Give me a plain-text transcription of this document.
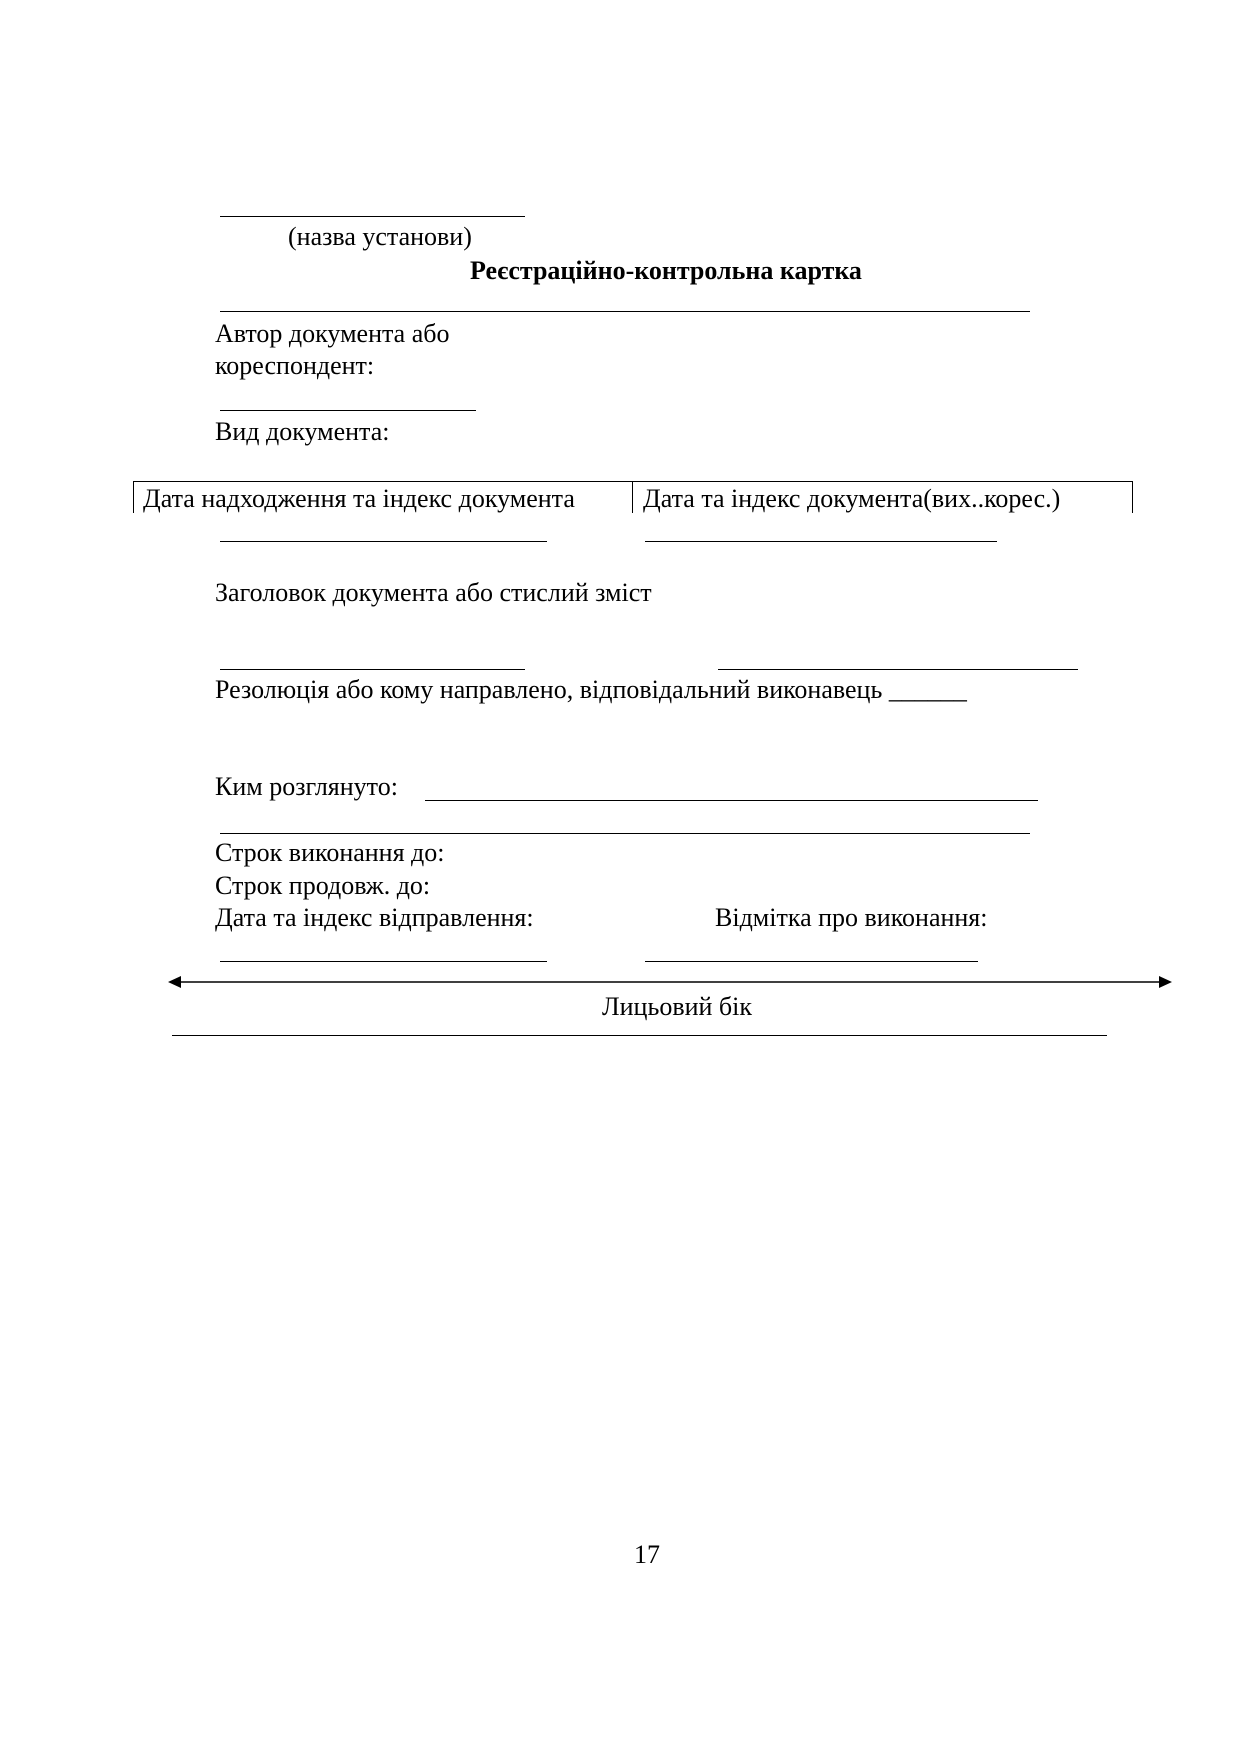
(назва установи)
Реєстраційно-контрольна картка
Автор документа або
кореспондент:
Вид документа:
Дата надходження та індекс документа	Дата та індекс документа(вих..корес.)
Заголовок документа або стислий зміст
Резолюція або кому направлено, відповідальний виконавець ______
Ким розглянуто:
Строк виконання до:
Строк продовж. до:
Дата та індекс відправлення:	Відмітка про виконання:
Лицьовий бік
17
